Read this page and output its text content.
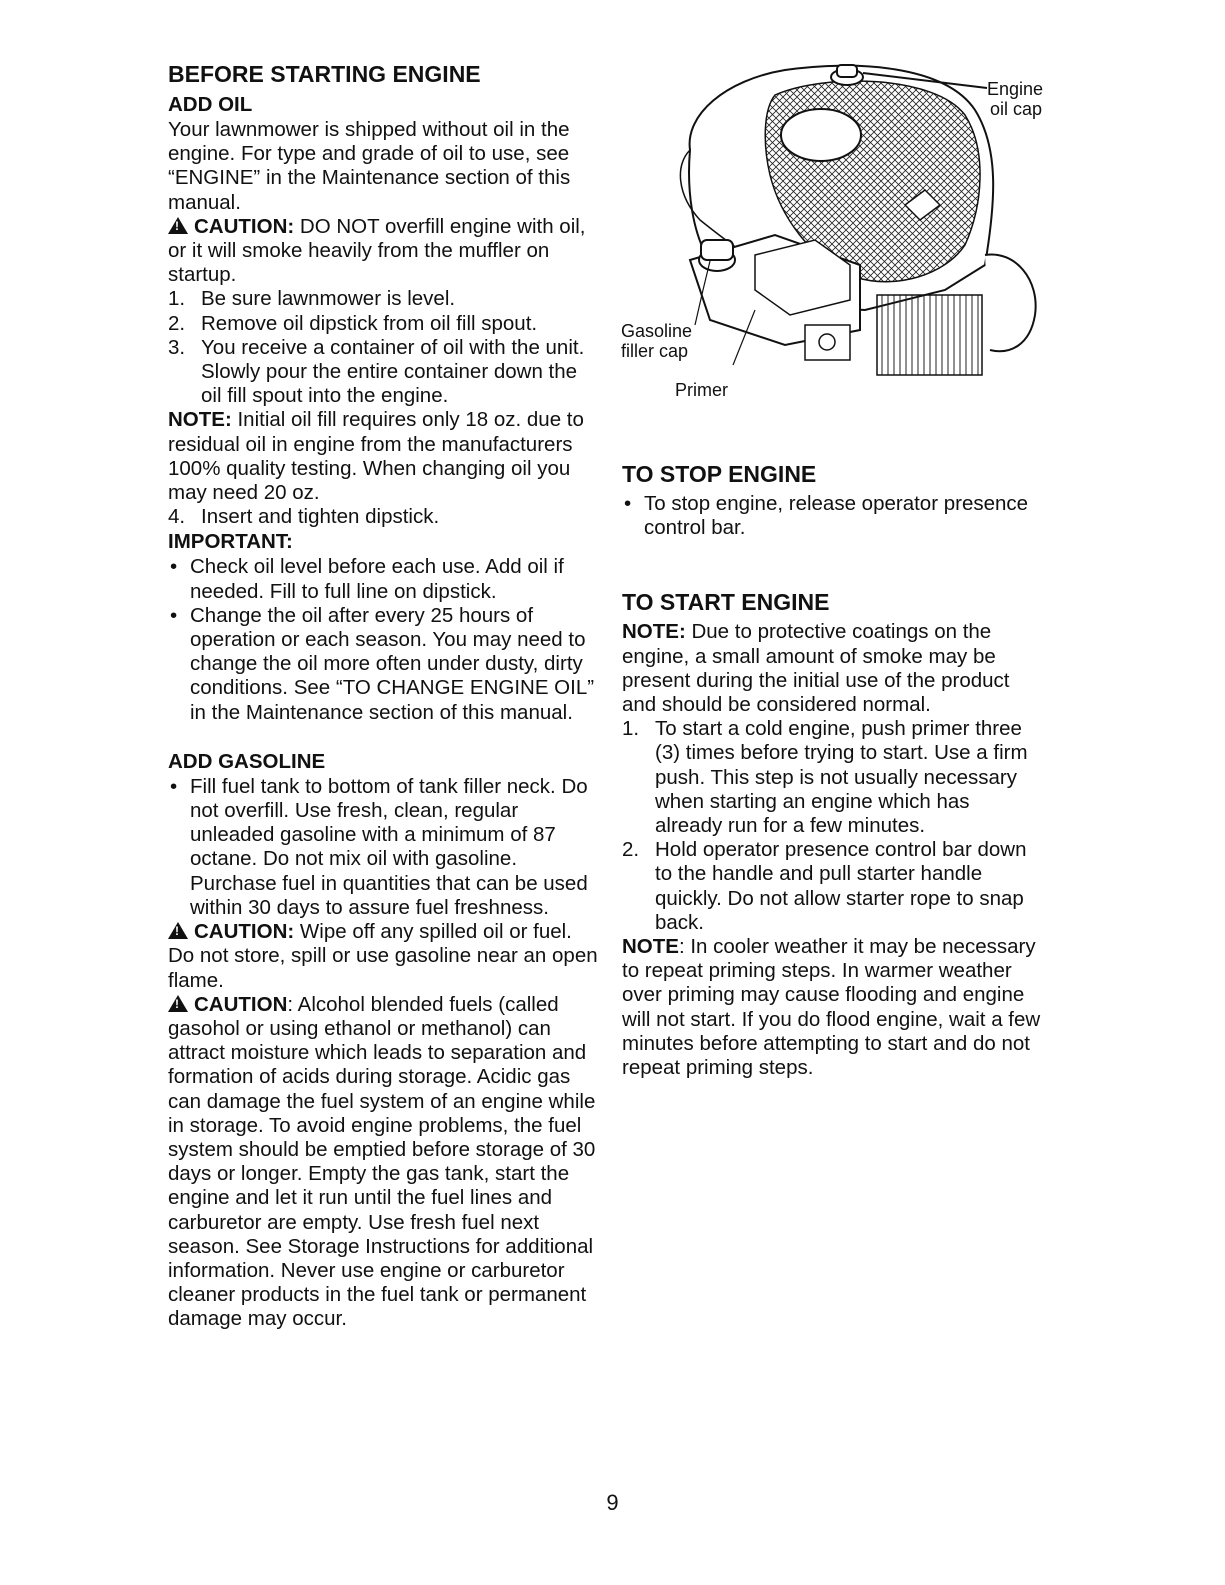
BEFORE STARTING ENGINE
ADD OIL

Your lawnmower is shipped without oil in the engine. For type and grade of oil to use, see “ENGINE” in the Maintenance section of this manual.

!CAUTION: DO NOT overfill engine with oil, or it will smoke heavily from the muffler on startup.

1. Be sure lawnmower is level.
2. Remove oil dipstick from oil fill spout.
3. You receive a container of oil with the unit. Slowly pour the entire container down the oil fill spout into the engine.

NOTE: Initial oil fill requires only 18 oz. due to residual oil in engine from the manufacturers 100% quality testing. When changing oil you may need 20 oz.

4. Insert and tighten dipstick.
IMPORTANT:
• Check oil level before each use. Add oil if needed. Fill to full line on dipstick.
• Change the oil after every 25 hours of operation or each season. You may need to change the oil more often under dusty, dirty conditions. See “TO CHANGE ENGINE OIL” in the Maintenance section of this manual.
ADD GASOLINE
• Fill fuel tank to bottom of tank filler neck. Do not overfill. Use fresh, clean, regular unleaded gasoline with a minimum of 87 octane. Do not mix oil with gasoline. Purchase fuel in quantities that can be used within 30 days to assure fuel freshness.

!CAUTION: Wipe off any spilled oil or fuel. Do not store, spill or use gasoline near an open flame.

!CAUTION: Alcohol blended fuels (called gasohol or using ethanol or methanol) can attract moisture which leads to separation and formation of acids during storage. Acidic gas can damage the fuel system of an engine while in storage. To avoid engine problems, the fuel system should be emptied before storage of 30 days or longer. Empty the gas tank, start the engine and let it run until the fuel lines and carburetor are empty. Use fresh fuel next season. See Storage Instructions for additional information. Never use engine or carburetor cleaner products in the fuel tank or permanent damage may occur.

Engine
oil cap
Gasoline
filler cap
Primer
TO STOP ENGINE
• To stop engine, release operator presence control bar.
TO START ENGINE

NOTE: Due to protective coatings on the engine, a small amount of smoke may be present during the initial use of the product and should be considered normal.

1. To start a cold engine, push primer three (3) times before trying to start. Use a firm push. This step is not usually necessary when starting an engine which has already run for a few minutes.
2. Hold operator presence control bar down to the handle and pull starter handle quickly. Do not allow starter rope to snap back.

NOTE: In cooler weather it may be necessary to repeat priming steps. In warmer weather over priming may cause flooding and engine will not start. If you do flood engine, wait a few minutes before attempting to start and do not repeat priming steps.

9
